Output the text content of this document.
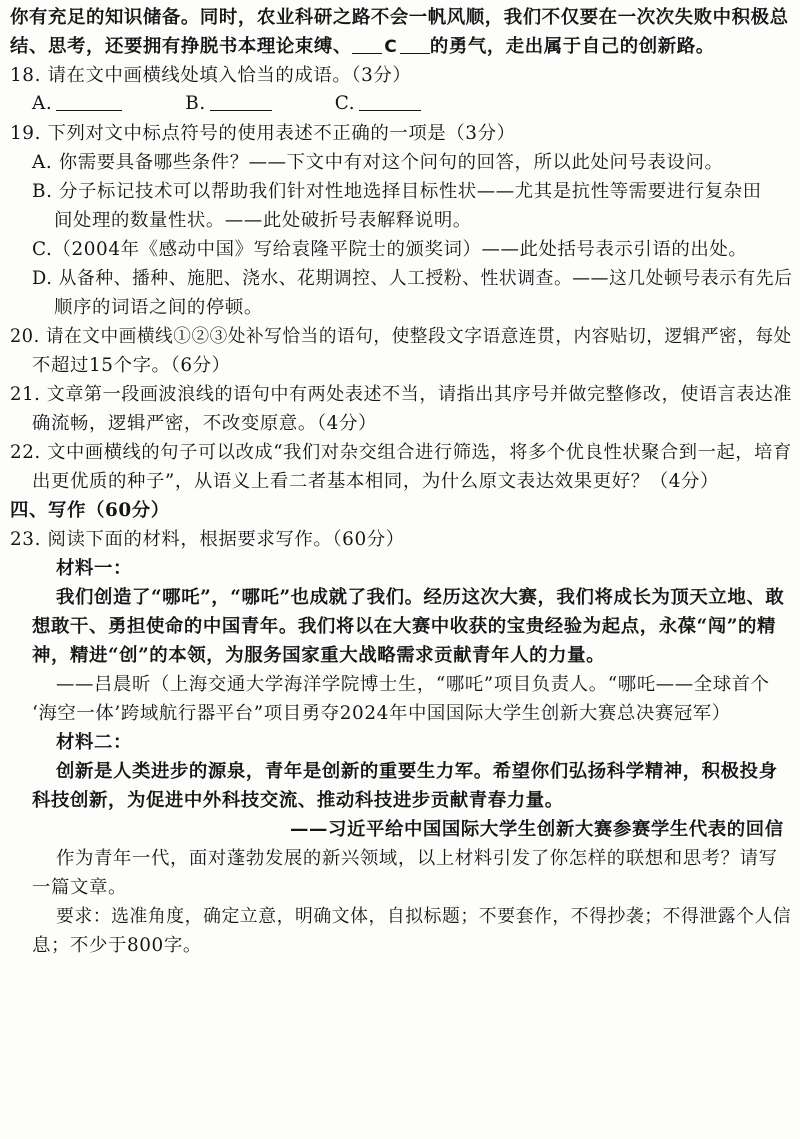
你有充足的知识储备。同时，农业科研之路不会一帆风顺，我们不仅要在一次次失败中积极总
结、思考，还要拥有挣脱书本理论束缚、 C 的勇气，走出属于自己的创新路。
18. 请在文中画横线处填入恰当的成语。（3分）
A.	B.	C.
19. 下列对文中标点符号的使用表述不正确的一项是（3分）
A. 你需要具备哪些条件？——下文中有对这个问句的回答，所以此处问号表设问。
B. 分子标记技术可以帮助我们针对性地选择目标性状——尤其是抗性等需要进行复杂田
间处理的数量性状。——此处破折号表解释说明。
C.（2004年《感动中国》写给袁隆平院士的颁奖词）——此处括号表示引语的出处。
D. 从备种、播种、施肥、浇水、花期调控、人工授粉、性状调查。——这几处顿号表示有先后
顺序的词语之间的停顿。
20. 请在文中画横线①②③处补写恰当的语句，使整段文字语意连贯，内容贴切，逻辑严密，每处
不超过15个字。（6分）
21. 文章第一段画波浪线的语句中有两处表述不当，请指出其序号并做完整修改，使语言表达准
确流畅，逻辑严密，不改变原意。（4分）
22. 文中画横线的句子可以改成“我们对杂交组合进行筛选，将多个优良性状聚合到一起，培育
出更优质的种子”，从语义上看二者基本相同，为什么原文表达效果更好？（4分）
四、写作（60分）
23. 阅读下面的材料，根据要求写作。（60分）
材料一：
我们创造了“哪吒”，“哪吒”也成就了我们。经历这次大赛，我们将成长为顶天立地、敢
想敢干、勇担使命的中国青年。我们将以在大赛中收获的宝贵经验为起点，永葆“闯”的精
神，精进“创”的本领，为服务国家重大战略需求贡献青年人的力量。
——吕晨昕（上海交通大学海洋学院博士生，“哪吒”项目负责人。“哪吒——全球首个
‘海空一体’跨域航行器平台”项目勇夺2024年中国国际大学生创新大赛总决赛冠军）
材料二：
创新是人类进步的源泉，青年是创新的重要生力军。希望你们弘扬科学精神，积极投身
科技创新，为促进中外科技交流、推动科技进步贡献青春力量。
——习近平给中国国际大学生创新大赛参赛学生代表的回信
作为青年一代，面对蓬勃发展的新兴领域，以上材料引发了你怎样的联想和思考？请写
一篇文章。
要求：选准角度，确定立意，明确文体，自拟标题；不要套作，不得抄袭；不得泄露个人信
息；不少于800字。
